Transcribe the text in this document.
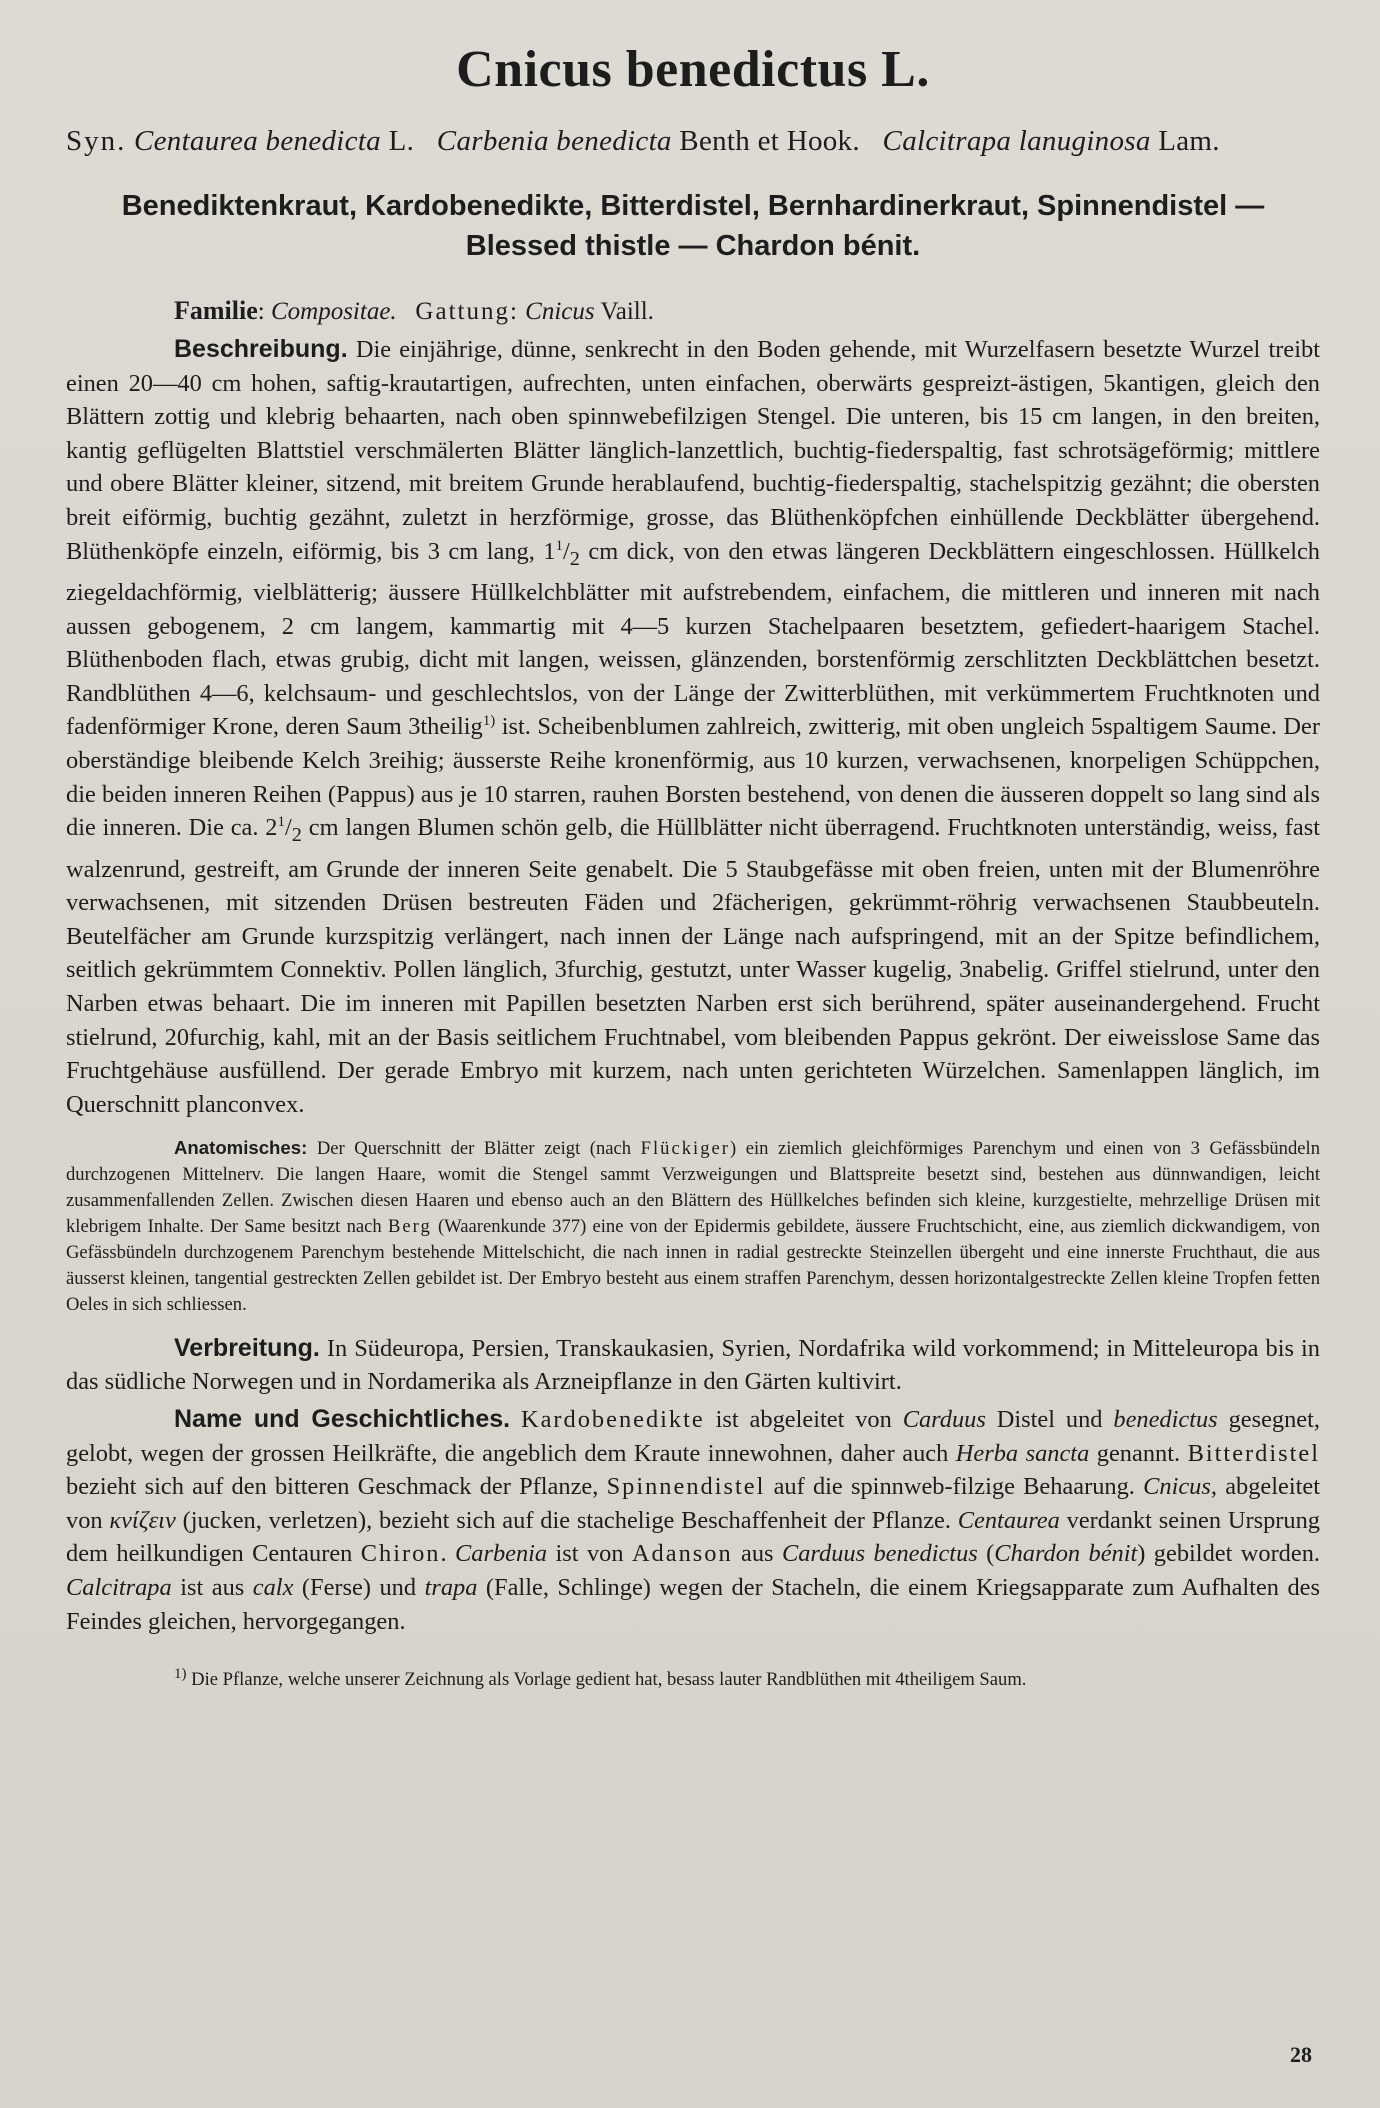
Cnicus benedictus L.
Syn. Centaurea benedicta L. Carbenia benedicta Benth et Hook. Calcitrapa lanuginosa Lam.
Benediktenkraut, Kardobenedikte, Bitterdistel, Bernhardinerkraut, Spinnendistel —
Blessed thistle — Chardon bénit.
Familie: Compositae. Gattung: Cnicus Vaill.
Beschreibung. Die einjährige, dünne, senkrecht in den Boden gehende, mit Wurzelfasern besetzte Wurzel treibt einen 20—40 cm hohen, saftig-krautartigen, aufrechten, unten einfachen, oberwärts gespreizt-ästigen, 5kantigen, gleich den Blättern zottig und klebrig behaarten, nach oben spinnwebefilzigen Stengel. Die unteren, bis 15 cm langen, in den breiten, kantig geflügelten Blattstiel verschmälerten Blätter länglich-lanzettlich, buchtig-fiederspaltig, fast schrotsägeförmig; mittlere und obere Blätter kleiner, sitzend, mit breitem Grunde herablaufend, buchtig-fiederspaltig, stachelspitzig gezähnt; die obersten breit eiförmig, buchtig gezähnt, zuletzt in herzförmige, grosse, das Blüthenköpfchen einhüllende Deckblätter übergehend. Blüthenköpfe einzeln, eiförmig, bis 3 cm lang, $1^1/_2$ cm dick, von den etwas längeren Deckblättern eingeschlossen. Hüllkelch ziegeldachförmig, vielblätterig; äussere Hüllkelchblätter mit aufstrebendem, einfachem, die mittleren und inneren mit nach aussen gebogenem, 2 cm langem, kammartig mit 4—5 kurzen Stachelpaaren besetztem, gefiedert-haarigem Stachel. Blüthenboden flach, etwas grubig, dicht mit langen, weissen, glänzenden, borstenförmig zerschlitzten Deckblättchen besetzt. Randblüthen 4—6, kelchsaum- und geschlechtslos, von der Länge der Zwitterblüthen, mit verkümmertem Fruchtknoten und fadenförmiger Krone, deren Saum 3theilig$^{1)}$ ist. Scheibenblumen zahlreich, zwitterig, mit oben ungleich 5spaltigem Saume. Der oberständige bleibende Kelch 3reihig; äusserste Reihe kronenförmig, aus 10 kurzen, verwachsenen, knorpeligen Schüppchen, die beiden inneren Reihen (Pappus) aus je 10 starren, rauhen Borsten bestehend, von denen die äusseren doppelt so lang sind als die inneren. Die ca. $2^1/_2$ cm langen Blumen schön gelb, die Hüllblätter nicht überragend. Fruchtknoten unterständig, weiss, fast walzenrund, gestreift, am Grunde der inneren Seite genabelt. Die 5 Staubgefässe mit oben freien, unten mit der Blumenröhre verwachsenen, mit sitzenden Drüsen bestreuten Fäden und 2fächerigen, gekrümmt-röhrig verwachsenen Staubbeuteln. Beutelfächer am Grunde kurzspitzig verlängert, nach innen der Länge nach aufspringend, mit an der Spitze befindlichem, seitlich gekrümmtem Connektiv. Pollen länglich, 3furchig, gestutzt, unter Wasser kugelig, 3nabelig. Griffel stielrund, unter den Narben etwas behaart. Die im inneren mit Papillen besetzten Narben erst sich berührend, später auseinandergehend. Frucht stielrund, 20furchig, kahl, mit an der Basis seitlichem Fruchtnabel, vom bleibenden Pappus gekrönt. Der eiweisslose Same das Fruchtgehäuse ausfüllend. Der gerade Embryo mit kurzem, nach unten gerichteten Würzelchen. Samenlappen länglich, im Querschnitt planconvex.
Anatomisches: Der Querschnitt der Blätter zeigt (nach Flückiger) ein ziemlich gleichförmiges Parenchym und einen von 3 Gefässbündeln durchzogenen Mittelnerv. Die langen Haare, womit die Stengel sammt Verzweigungen und Blattspreite besetzt sind, bestehen aus dünnwandigen, leicht zusammenfallenden Zellen. Zwischen diesen Haaren und ebenso auch an den Blättern des Hüllkelches befinden sich kleine, kurzgestielte, mehrzellige Drüsen mit klebrigem Inhalte. Der Same besitzt nach Berg (Waarenkunde 377) eine von der Epidermis gebildete, äussere Fruchtschicht, eine, aus ziemlich dickwandigem, von Gefässbündeln durchzogenem Parenchym bestehende Mittelschicht, die nach innen in radial gestreckte Steinzellen übergeht und eine innerste Fruchthaut, die aus äusserst kleinen, tangential gestreckten Zellen gebildet ist. Der Embryo besteht aus einem straffen Parenchym, dessen horizontalgestreckte Zellen kleine Tropfen fetten Oeles in sich schliessen.
Verbreitung. In Südeuropa, Persien, Transkaukasien, Syrien, Nordafrika wild vorkommend; in Mitteleuropa bis in das südliche Norwegen und in Nordamerika als Arzneipflanze in den Gärten kultivirt.
Name und Geschichtliches. Kardobenedikte ist abgeleitet von Carduus Distel und benedictus gesegnet, gelobt, wegen der grossen Heilkräfte, die angeblich dem Kraute innewohnen, daher auch Herba sancta genannt. Bitterdistel bezieht sich auf den bitteren Geschmack der Pflanze, Spinnendistel auf die spinnweb-filzige Behaarung. Cnicus, abgeleitet von κνίζειν (jucken, verletzen), bezieht sich auf die stachelige Beschaffenheit der Pflanze. Centaurea verdankt seinen Ursprung dem heilkundigen Centauren Chiron. Carbenia ist von Adanson aus Carduus benedictus (Chardon bénit) gebildet worden. Calcitrapa ist aus calx (Ferse) und trapa (Falle, Schlinge) wegen der Stacheln, die einem Kriegsapparate zum Aufhalten des Feindes gleichen, hervorgegangen.
$^{1)}$ Die Pflanze, welche unserer Zeichnung als Vorlage gedient hat, besass lauter Randblüthen mit 4theiligem Saum.
28
